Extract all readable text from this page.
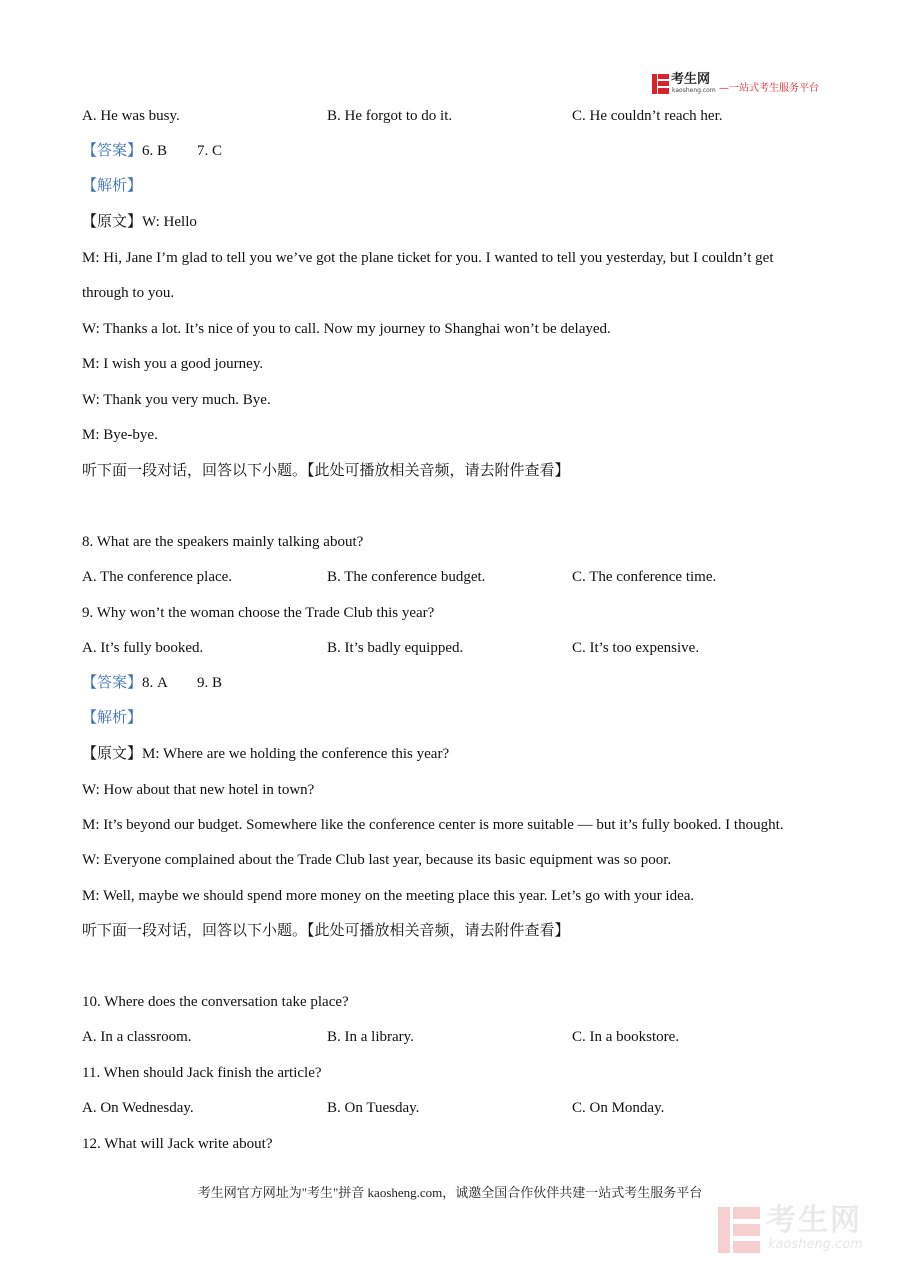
考生网
kaosheng.com —一站式考生服务平台
A. He was busy.	B. He forgot to do it.	C. He couldn’t reach her.
【答案】6. B        7. C
【解析】
【原文】W: Hello
M: Hi, Jane I’m glad to tell you we’ve got the plane ticket for you. I wanted to tell you yesterday, but I couldn’t get
through to you.
W: Thanks a lot. It’s nice of you to call. Now my journey to Shanghai won’t be delayed.
M: I wish you a good journey.
W: Thank you very much. Bye.
M: Bye-bye.
听下面一段对话，回答以下小题。【此处可播放相关音频，请去附件查看】
8. What are the speakers mainly talking about?
A. The conference place.	B. The conference budget.	C. The conference time.
9. Why won’t the woman choose the Trade Club this year?
A. It’s fully booked.	B. It’s badly equipped.	C. It’s too expensive.
【答案】8. A        9. B
【解析】
【原文】M: Where are we holding the conference this year?
W: How about that new hotel in town?
M: It’s beyond our budget. Somewhere like the conference center is more suitable — but it’s fully booked. I thought.
W: Everyone complained about the Trade Club last year, because its basic equipment was so poor.
M: Well, maybe we should spend more money on the meeting place this year. Let’s go with your idea.
听下面一段对话，回答以下小题。【此处可播放相关音频，请去附件查看】
10. Where does the conversation take place?
A. In a classroom.	B. In a library.	C. In a bookstore.
11. When should Jack finish the article?
A. On Wednesday.	B. On Tuesday.	C. On Monday.
12. What will Jack write about?
考生网官方网址为"考生"拼音 kaosheng.com，诚邀全国合作伙伴共建一站式考生服务平台
考生网
kaosheng.com
